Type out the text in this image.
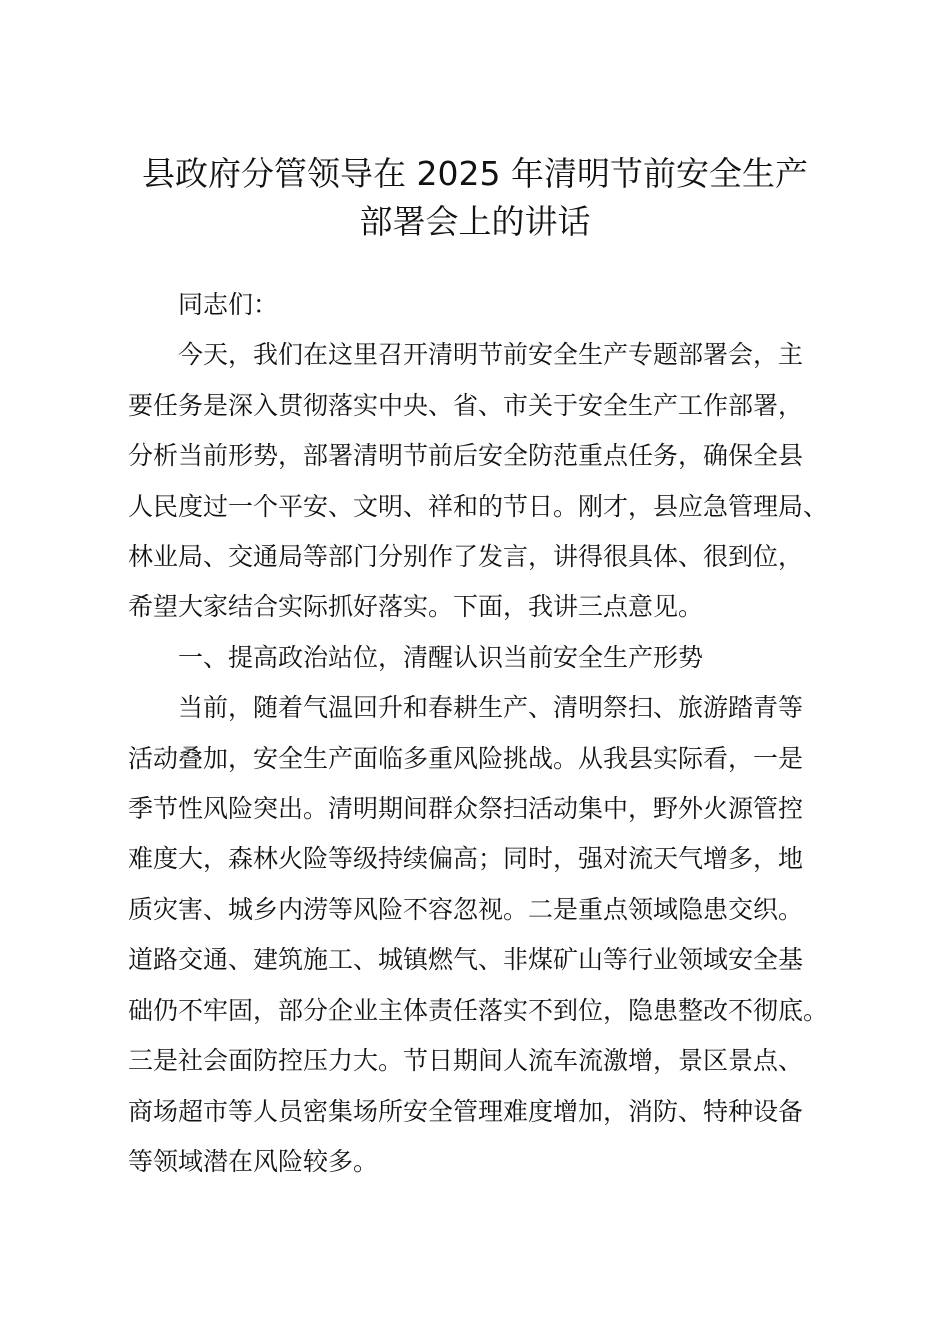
县政府分管领导在 2025 年清明节前安全生产
部署会上的讲话

同志们：

今天，我们在这里召开清明节前安全生产专题部署会，主
要任务是深入贯彻落实中央、省、市关于安全生产工作部署，
分析当前形势，部署清明节前后安全防范重点任务，确保全县
人民度过一个平安、文明、祥和的节日。刚才，县应急管理局、
林业局、交通局等部门分别作了发言，讲得很具体、很到位，
希望大家结合实际抓好落实。下面，我讲三点意见。

一、提高政治站位，清醒认识当前安全生产形势

当前，随着气温回升和春耕生产、清明祭扫、旅游踏青等
活动叠加，安全生产面临多重风险挑战。从我县实际看，一是
季节性风险突出。清明期间群众祭扫活动集中，野外火源管控
难度大，森林火险等级持续偏高；同时，强对流天气增多，地
质灾害、城乡内涝等风险不容忽视。二是重点领域隐患交织。
道路交通、建筑施工、城镇燃气、非煤矿山等行业领域安全基
础仍不牢固，部分企业主体责任落实不到位，隐患整改不彻底。
三是社会面防控压力大。节日期间人流车流激增，景区景点、
商场超市等人员密集场所安全管理难度增加，消防、特种设备
等领域潜在风险较多。
